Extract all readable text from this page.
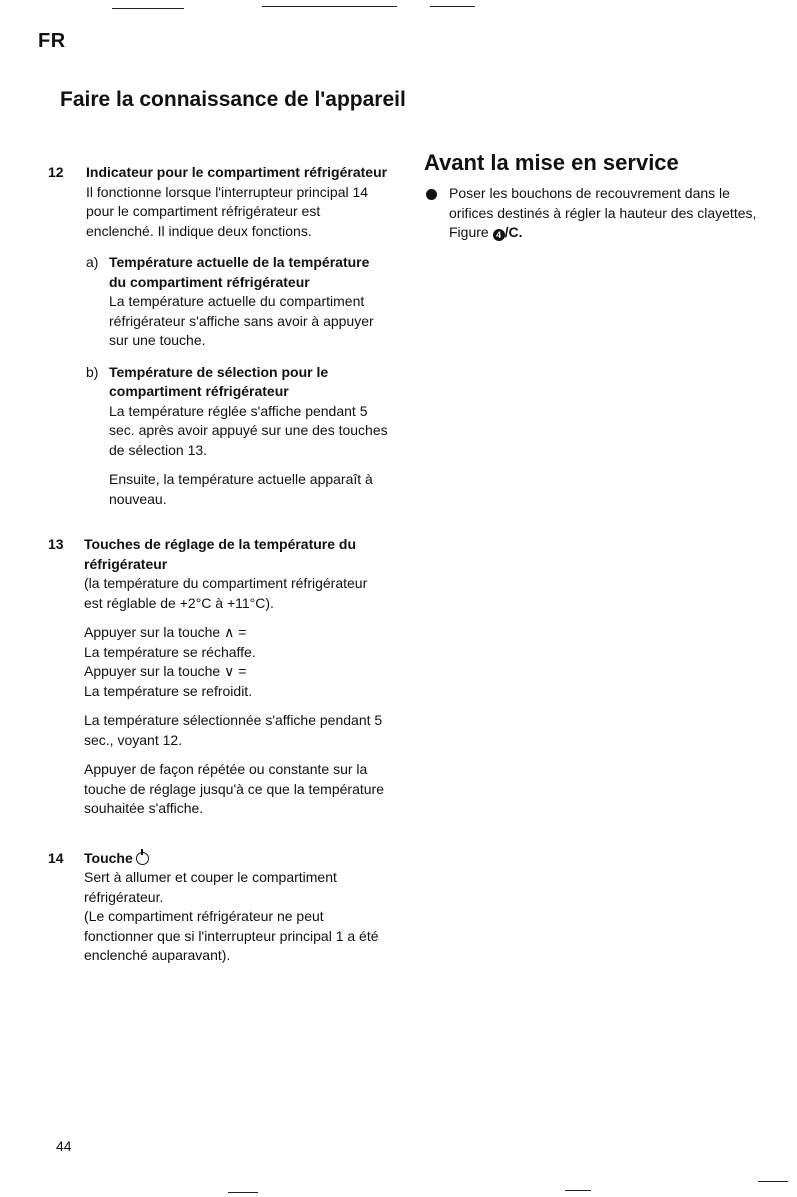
FR
Faire la connaissance de l'appareil
12 Indicateur pour le compartiment réfrigérateur

Il fonctionne lorsque l'interrupteur principal 14 pour le compartiment réfrigérateur est enclenché. Il indique deux fonctions.

a) Température actuelle de la température du compartiment réfrigérateur

La température actuelle du compartiment réfrigérateur s'affiche sans avoir à appuyer sur une touche.

b) Température de sélection pour le compartiment réfrigérateur

La température réglée s'affiche pendant 5 sec. après avoir appuyé sur une des touches de sélection 13.

Ensuite, la température actuelle apparaît à nouveau.

13 Touches de réglage de la température du réfrigérateur

(la température du compartiment réfrigérateur est réglable de +2°C à +11°C).

Appuyer sur la touche ∧ =

La température se réchaffe.

Appuyer sur la touche ∨ =

La température se refroidit.

La température sélectionnée s'affiche pendant 5 sec., voyant 12.

Appuyer de façon répétée ou constante sur la touche de réglage jusqu'à ce que la température souhaitée s'affiche.

14 Touche

Sert à allumer et couper le compartiment réfrigérateur.

(Le compartiment réfrigérateur ne peut fonctionner que si l'interrupteur principal 1 a été enclenché auparavant).

Avant la mise en service
Poser les bouchons de recouvrement dans le orifices destinés à régler la hauteur des clayettes, Figure 4 /C.
44
